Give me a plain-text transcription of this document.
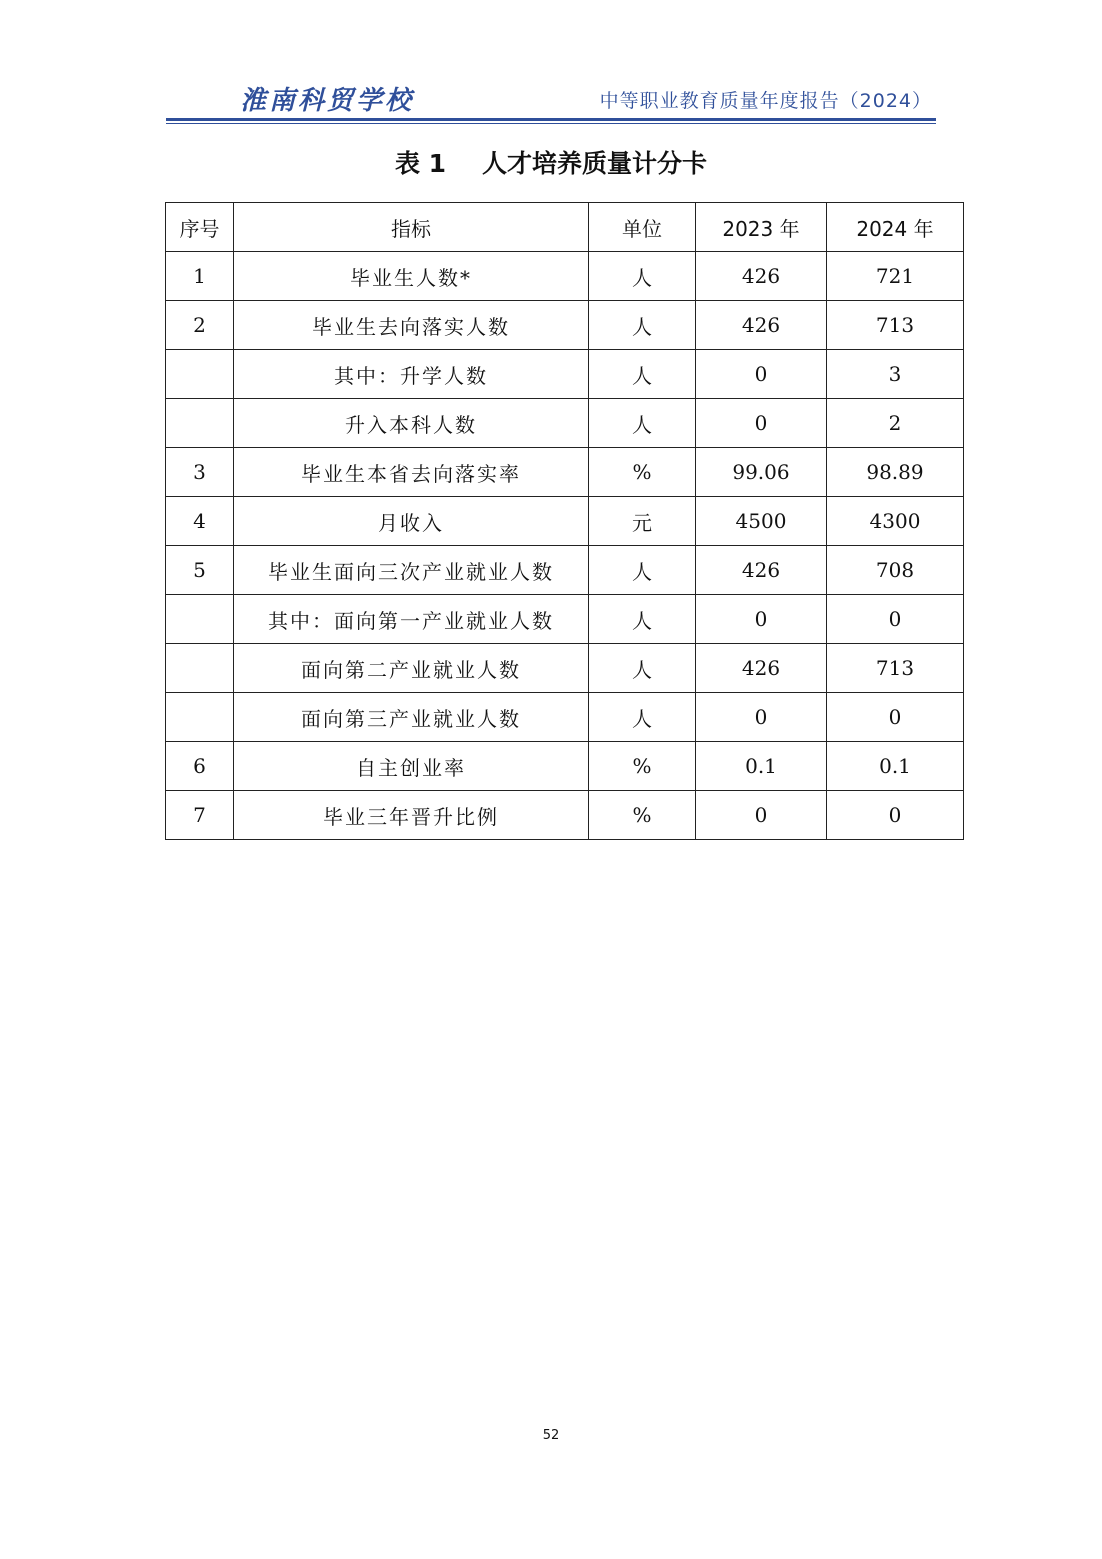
淮南科贸学校	中等职业教育质量年度报告（2024）
表 1 人才培养质量计分卡
序号	指标	单位	2023 年	2024 年
1	毕业生人数*	人	426	721
2	毕业生去向落实人数	人	426	713
	其中：升学人数	人	0	3
	升入本科人数	人	0	2
3	毕业生本省去向落实率	%	99.06	98.89
4	月收入	元	4500	4300
5	毕业生面向三次产业就业人数	人	426	708
	其中：面向第一产业就业人数	人	0	0
	面向第二产业就业人数	人	426	713
	面向第三产业就业人数	人	0	0
6	自主创业率	%	0.1	0.1
7	毕业三年晋升比例	%	0	0
52
